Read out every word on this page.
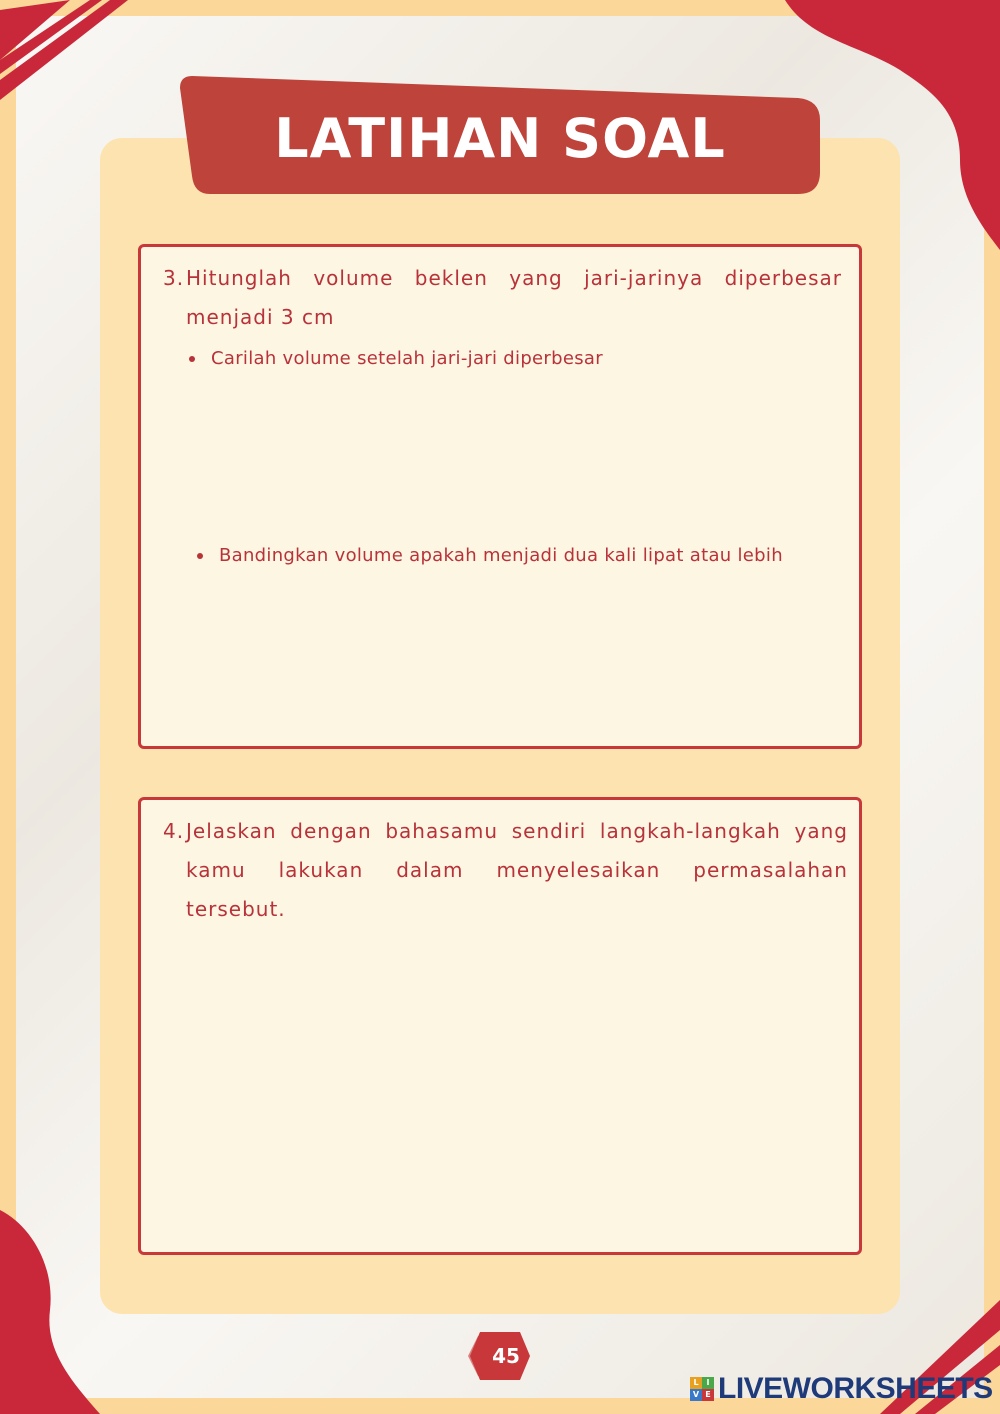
LATIHAN SOAL
3. Hitunglah volume beklen yang jari-jarinya diperbesar menjadi 3 cm
Carilah volume setelah jari-jari diperbesar
Bandingkan volume apakah menjadi dua kali lipat atau lebih
4. Jelaskan dengan bahasamu sendiri langkah-langkah yang kamu lakukan dalam menyelesaikan permasalahan tersebut.
45
L I
V E LIVEWORKSHEETS
